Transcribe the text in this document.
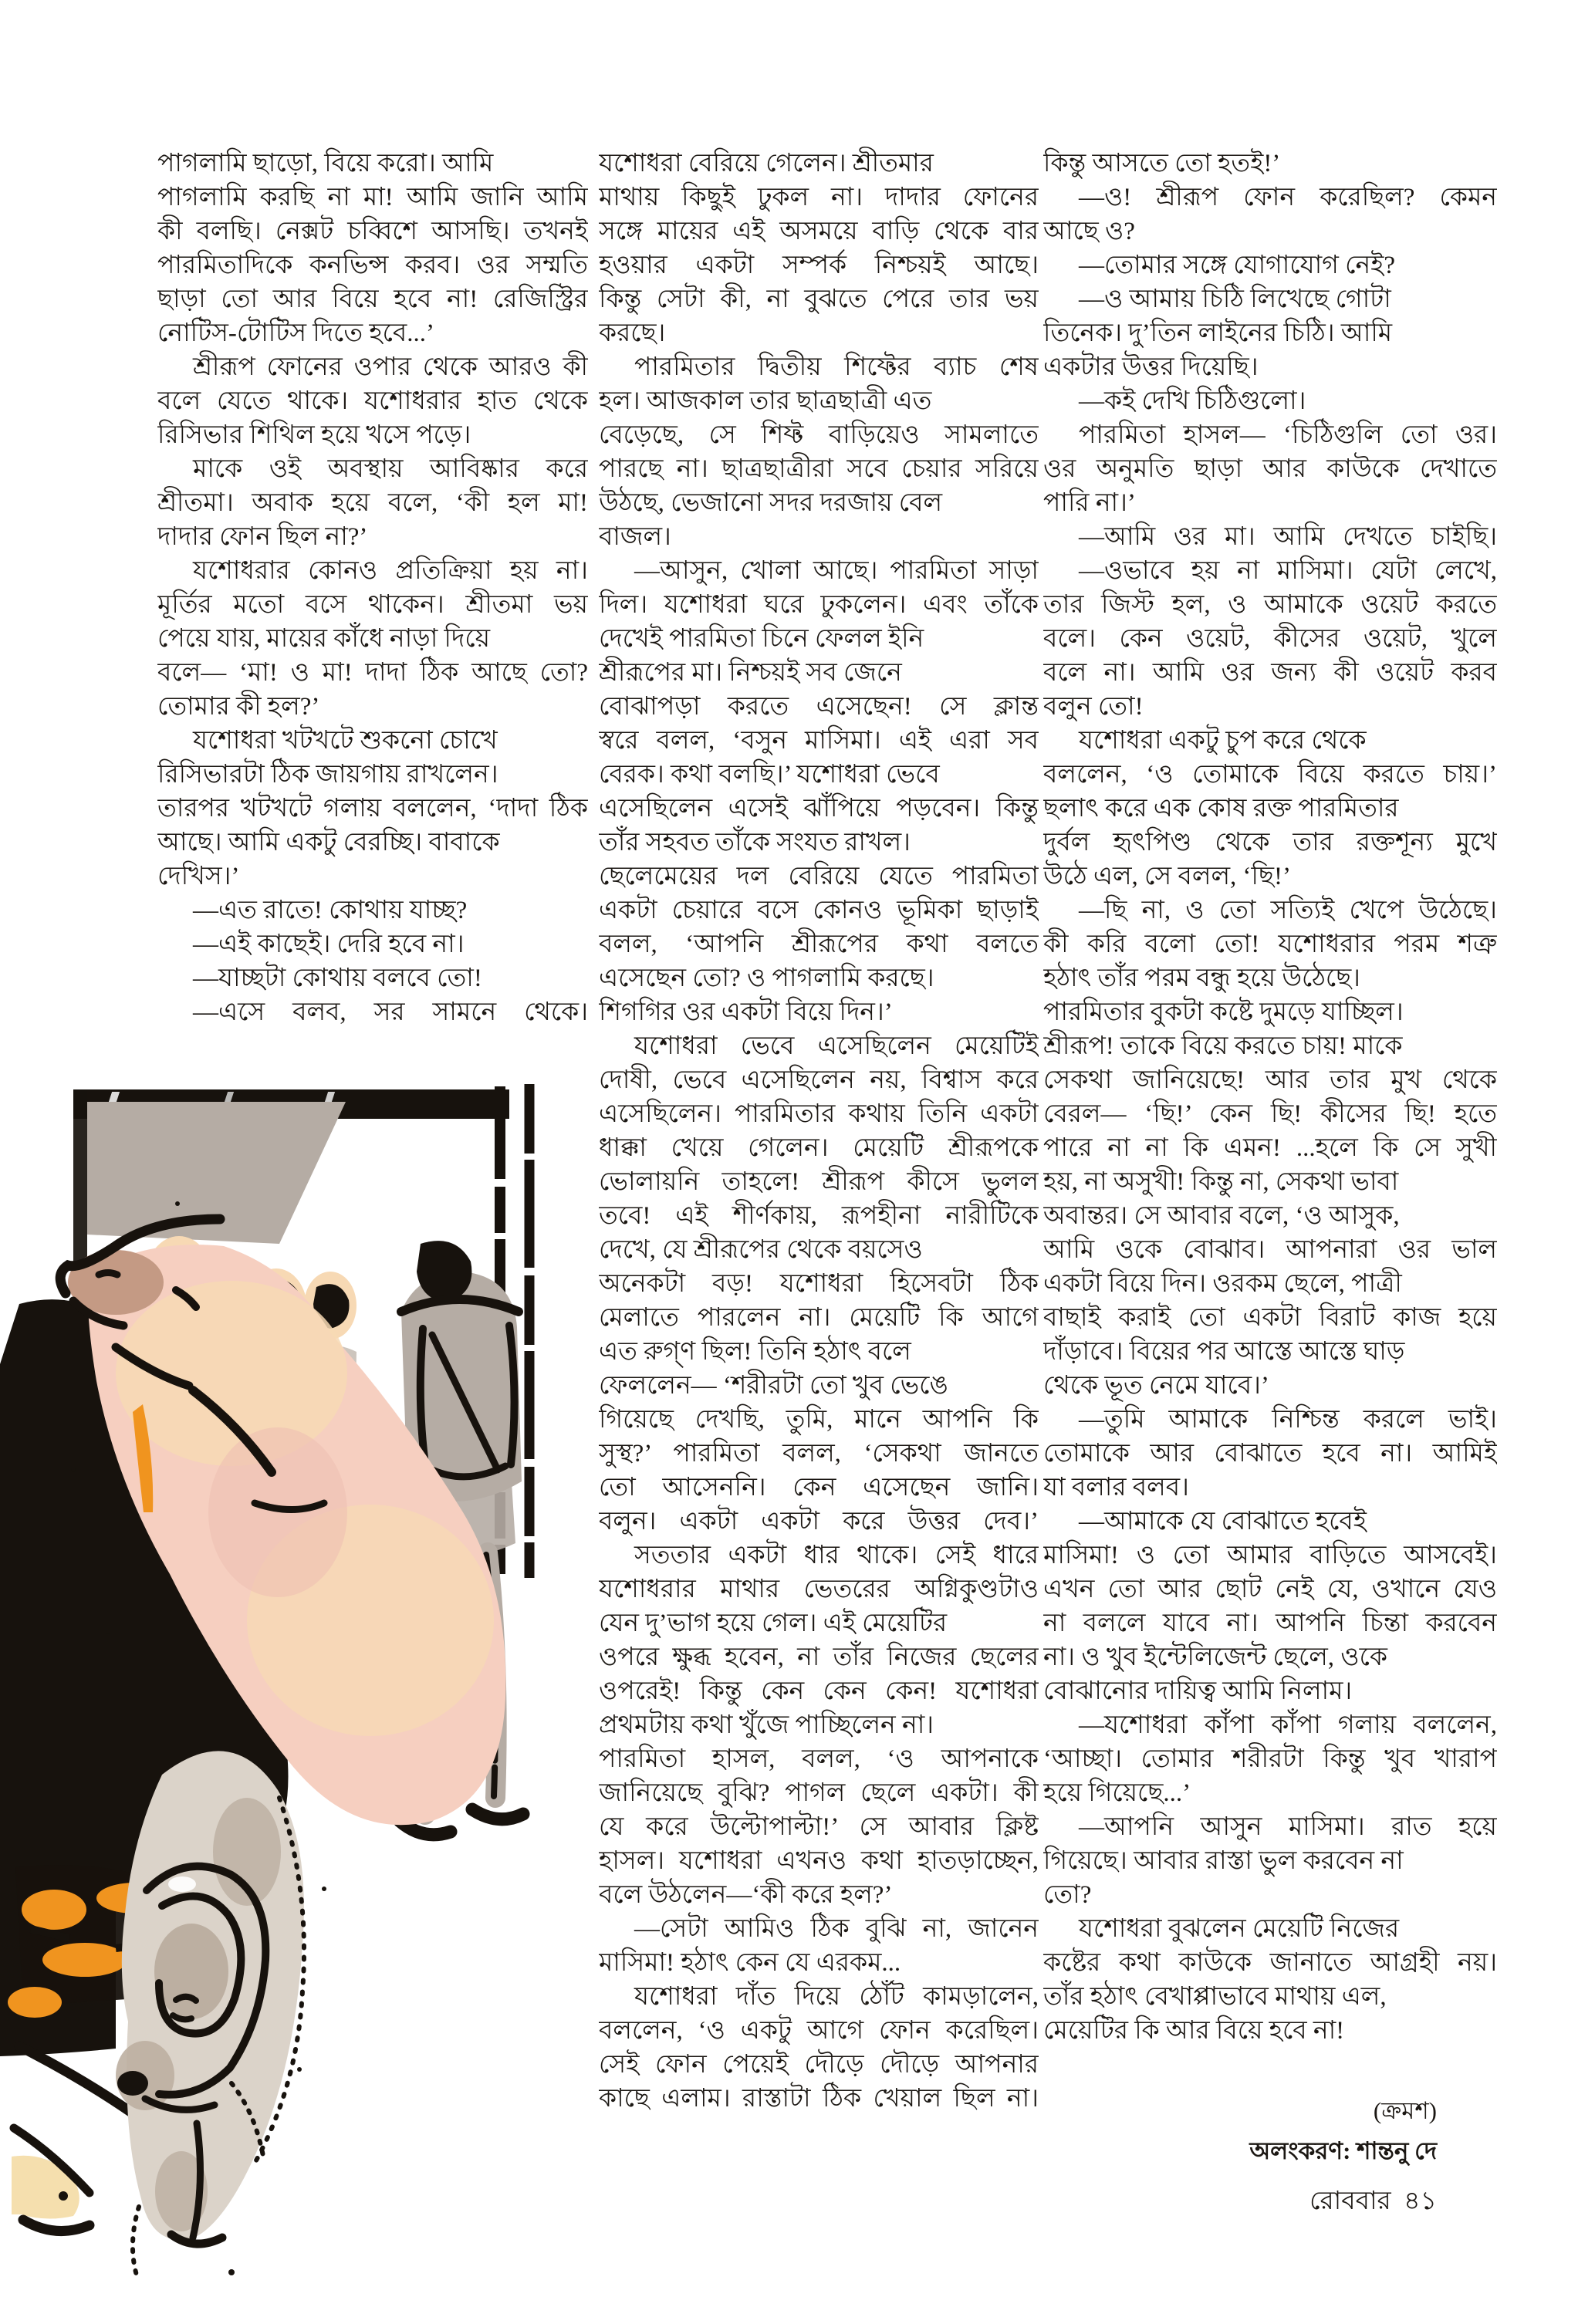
পাগলামি ছাড়ো, বিয়ে করো। আমি
পাগলামি করছি না মা! আমি জানি আমি
কী বলছি। নেক্সট চব্বিশে আসছি। তখনই
পারমিতাদিকে কনভিন্স করব। ওর সম্মতি
ছাড়া তো আর বিয়ে হবে না! রেজিস্ট্রির
নোটিস-টোটিস দিতে হবে...’
শ্রীরূপ ফোনের ওপার থেকে আরও কী
বলে যেতে থাকে। যশোধরার হাত থেকে
রিসিভার শিথিল হয়ে খসে পড়ে।
মাকে ওই অবস্থায় আবিষ্কার করে
শ্রীতমা। অবাক হয়ে বলে, ‘কী হল মা!
দাদার ফোন ছিল না?’
যশোধরার কোনও প্রতিক্রিয়া হয় না।
মূর্তির মতো বসে থাকেন। শ্রীতমা ভয়
পেয়ে যায়, মায়ের কাঁধে নাড়া দিয়ে
বলে— ‘মা! ও মা! দাদা ঠিক আছে তো?
তোমার কী হল?’
যশোধরা খটখটে শুকনো চোখে
রিসিভারটা ঠিক জায়গায় রাখলেন।
তারপর খটখটে গলায় বললেন, ‘দাদা ঠিক
আছে। আমি একটু বেরচ্ছি। বাবাকে
দেখিস।’
—এত রাতে! কোথায় যাচ্ছ?
—এই কাছেই। দেরি হবে না।
—যাচ্ছটা কোথায় বলবে তো!
—এসে বলব, সর সামনে থেকে।
যশোধরা বেরিয়ে গেলেন। শ্রীতমার
মাথায় কিছুই ঢুকল না। দাদার ফোনের
সঙ্গে মায়ের এই অসময়ে বাড়ি থেকে বার
হওয়ার একটা সম্পর্ক নিশ্চয়ই আছে।
কিন্তু সেটা কী, না বুঝতে পেরে তার ভয়
করছে।
পারমিতার দ্বিতীয় শিফ্টের ব্যাচ শেষ
হল। আজকাল তার ছাত্রছাত্রী এত
বেড়েছে, সে শিফ্ট বাড়িয়েও সামলাতে
পারছে না। ছাত্রছাত্রীরা সবে চেয়ার সরিয়ে
উঠছে, ভেজানো সদর দরজায় বেল
বাজল।
—আসুন, খোলা আছে। পারমিতা সাড়া
দিল। যশোধরা ঘরে ঢুকলেন। এবং তাঁকে
দেখেই পারমিতা চিনে ফেলল ইনি
শ্রীরূপের মা। নিশ্চয়ই সব জেনে
বোঝাপড়া করতে এসেছেন! সে ক্লান্ত
স্বরে বলল, ‘বসুন মাসিমা। এই এরা সব
বেরক। কথা বলছি।’ যশোধরা ভেবে
এসেছিলেন এসেই ঝাঁপিয়ে পড়বেন। কিন্তু
তাঁর সহবত তাঁকে সংযত রাখল।
ছেলেমেয়ের দল বেরিয়ে যেতে পারমিতা
একটা চেয়ারে বসে কোনও ভূমিকা ছাড়াই
বলল, ‘আপনি শ্রীরূপের কথা বলতে
এসেছেন তো? ও পাগলামি করছে।
শিগগির ওর একটা বিয়ে দিন।’
যশোধরা ভেবে এসেছিলেন মেয়েটিই
দোষী, ভেবে এসেছিলেন নয়, বিশ্বাস করে
এসেছিলেন। পারমিতার কথায় তিনি একটা
ধাক্কা খেয়ে গেলেন। মেয়েটি শ্রীরূপকে
ভোলায়নি তাহলে! শ্রীরূপ কীসে ভুলল
তবে! এই শীর্ণকায়, রূপহীনা নারীটিকে
দেখে, যে শ্রীরূপের থেকে বয়সেও
অনেকটা বড়! যশোধরা হিসেবটা ঠিক
মেলাতে পারলেন না। মেয়েটি কি আগে
এত রুগ্ণ ছিল! তিনি হঠাৎ বলে
ফেললেন— ‘শরীরটা তো খুব ভেঙে
গিয়েছে দেখছি, তুমি, মানে আপনি কি
সুস্থ?’ পারমিতা বলল, ‘সেকথা জানতে
তো আসেননি। কেন এসেছেন জানি।
বলুন। একটা একটা করে উত্তর দেব।’
সততার একটা ধার থাকে। সেই ধারে
যশোধরার মাথার ভেতরের অগ্নিকুণ্ডটাও
যেন দু’ভাগ হয়ে গেল। এই মেয়েটির
ওপরে ক্ষুব্ধ হবেন, না তাঁর নিজের ছেলের
ওপরেই! কিন্তু কেন কেন কেন! যশোধরা
প্রথমটায় কথা খুঁজে পাচ্ছিলেন না।
পারমিতা হাসল, বলল, ‘ও আপনাকে
জানিয়েছে বুঝি? পাগল ছেলে একটা। কী
যে করে উল্টোপাল্টা!’ সে আবার ক্লিষ্ট
হাসল। যশোধরা এখনও কথা হাতড়াচ্ছেন,
বলে উঠলেন—‘কী করে হল?’
—সেটা আমিও ঠিক বুঝি না, জানেন
মাসিমা! হঠাৎ কেন যে এরকম...
যশোধরা দাঁত দিয়ে ঠোঁট কামড়ালেন,
বললেন, ‘ও একটু আগে ফোন করেছিল।
সেই ফোন পেয়েই দৌড়ে দৌড়ে আপনার
কাছে এলাম। রাস্তাটা ঠিক খেয়াল ছিল না।
কিন্তু আসতে তো হতই!’
—ও! শ্রীরূপ ফোন করেছিল? কেমন
আছে ও?
—তোমার সঙ্গে যোগাযোগ নেই?
—ও আমায় চিঠি লিখেছে গোটা
তিনেক। দু’তিন লাইনের চিঠি। আমি
একটার উত্তর দিয়েছি।
—কই দেখি চিঠিগুলো।
পারমিতা হাসল— ‘চিঠিগুলি তো ওর।
ওর অনুমতি ছাড়া আর কাউকে দেখাতে
পারি না।’
—আমি ওর মা। আমি দেখতে চাইছি।
—ওভাবে হয় না মাসিমা। যেটা লেখে,
তার জিস্ট হল, ও আমাকে ওয়েট করতে
বলে। কেন ওয়েট, কীসের ওয়েট, খুলে
বলে না। আমি ওর জন্য কী ওয়েট করব
বলুন তো!
যশোধরা একটু চুপ করে থেকে
বললেন, ‘ও তোমাকে বিয়ে করতে চায়।’
ছলাৎ করে এক কোষ রক্ত পারমিতার
দুর্বল হৃৎপিণ্ড থেকে তার রক্তশূন্য মুখে
উঠে এল, সে বলল, ‘ছি!’
—ছি না, ও তো সত্যিই খেপে উঠেছে।
কী করি বলো তো! যশোধরার পরম শত্রু
হঠাৎ তাঁর পরম বন্ধু হয়ে উঠেছে।
পারমিতার বুকটা কষ্টে দুমড়ে যাচ্ছিল।
শ্রীরূপ! তাকে বিয়ে করতে চায়! মাকে
সেকথা জানিয়েছে! আর তার মুখ থেকে
বেরল— ‘ছি!’ কেন ছি! কীসের ছি! হতে
পারে না না কি এমন! ...হলে কি সে সুখী
হয়, না অসুখী! কিন্তু না, সেকথা ভাবা
অবান্তর। সে আবার বলে, ‘ও আসুক,
আমি ওকে বোঝাব। আপনারা ওর ভাল
একটা বিয়ে দিন। ওরকম ছেলে, পাত্রী
বাছাই করাই তো একটা বিরাট কাজ হয়ে
দাঁড়াবে। বিয়ের পর আস্তে আস্তে ঘাড়
থেকে ভূত নেমে যাবে।’
—তুমি আমাকে নিশ্চিন্ত করলে ভাই।
তোমাকে আর বোঝাতে হবে না। আমিই
যা বলার বলব।
—আমাকে যে বোঝাতে হবেই
মাসিমা! ও তো আমার বাড়িতে আসবেই।
এখন তো আর ছোট নেই যে, ওখানে যেও
না বললে যাবে না। আপনি চিন্তা করবেন
না। ও খুব ইন্টেলিজেন্ট ছেলে, ওকে
বোঝানোর দায়িত্ব আমি নিলাম।
—যশোধরা কাঁপা কাঁপা গলায় বললেন,
‘আচ্ছা। তোমার শরীরটা কিন্তু খুব খারাপ
হয়ে গিয়েছে...’
—আপনি আসুন মাসিমা। রাত হয়ে
গিয়েছে। আবার রাস্তা ভুল করবেন না
তো?
যশোধরা বুঝলেন মেয়েটি নিজের
কষ্টের কথা কাউকে জানাতে আগ্রহী নয়।
তাঁর হঠাৎ বেখাপ্পাভাবে মাথায় এল,
মেয়েটির কি আর বিয়ে হবে না!
(ক্রমশ)
অলংকরণ: শান্তনু দে
রোববার  ৪১
